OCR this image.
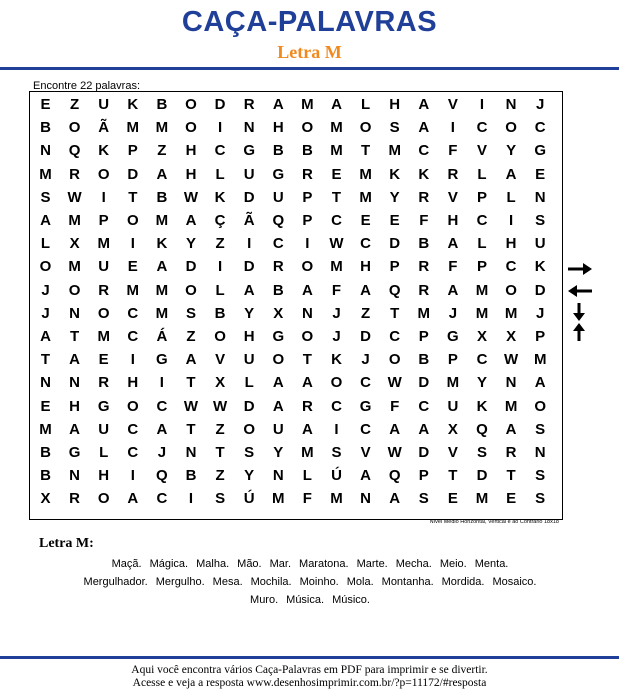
CAÇA-PALAVRAS
Letra M
Encontre 22 palavras:
E	Z	U	K	B	O	D	R	A	M	A	L	H	A	V	I	N	J
B	O	Ã	M	M	O	I	N	H	O	M	O	S	A	I	C	O	C
N	Q	K	P	Z	H	C	G	B	B	M	T	M	C	F	V	Y	G
M	R	O	D	A	H	L	U	G	R	E	M	K	K	R	L	A	E
S	W	I	T	B	W	K	D	U	P	T	M	Y	R	V	P	L	N
A	M	P	O	M	A	Ç	Ã	Q	P	C	E	E	F	H	C	I	S
L	X	M	I	K	Y	Z	I	C	I	W	C	D	B	A	L	H	U
O	M	U	E	A	D	I	D	R	O	M	H	P	R	F	P	C	K
J	O	R	M	M	O	L	A	B	A	F	A	Q	R	A	M	O	D
J	N	O	C	M	S	B	Y	X	N	J	Z	T	M	J	M	M	J
A	T	M	C	Á	Z	O	H	G	O	J	D	C	P	G	X	X	P
T	A	E	I	G	A	V	U	O	T	K	J	O	B	P	C	W	M
N	N	R	H	I	T	X	L	A	A	O	C	W	D	M	Y	N	A
E	H	G	O	C	W W	D	A	R	C	G	F	C	U	K	M	O
M	A	U	C	A	T	Z	O	U	A	I	C	A	A	X	Q	A	S
B	G	L	C	J	N	T	S	Y	M	S	V	W	D	V	S	R	N
B	N	H	I	Q	B	Z	Y	N	L	Ú	A	Q	P	T	D	T	S
X	R	O	A	C	I	S	Ú	M	F	M	N	A	S	E	M	E	S
Nível Médio Horizontal, Vertical e ao Contrário 18x18
Letra M:
Maçã. Mágica. Malha. Mão. Mar. Maratona. Marte. Mecha. Meio. Menta.
Mergulhador. Mergulho. Mesa. Mochila. Moinho. Mola. Montanha. Mordida. Mosaico.
Muro. Música. Músico.
Aqui você encontra vários Caça-Palavras em PDF para imprimir e se divertir.
Acesse e veja a resposta www.desenhosimprimir.com.br/?p=11172/#resposta
